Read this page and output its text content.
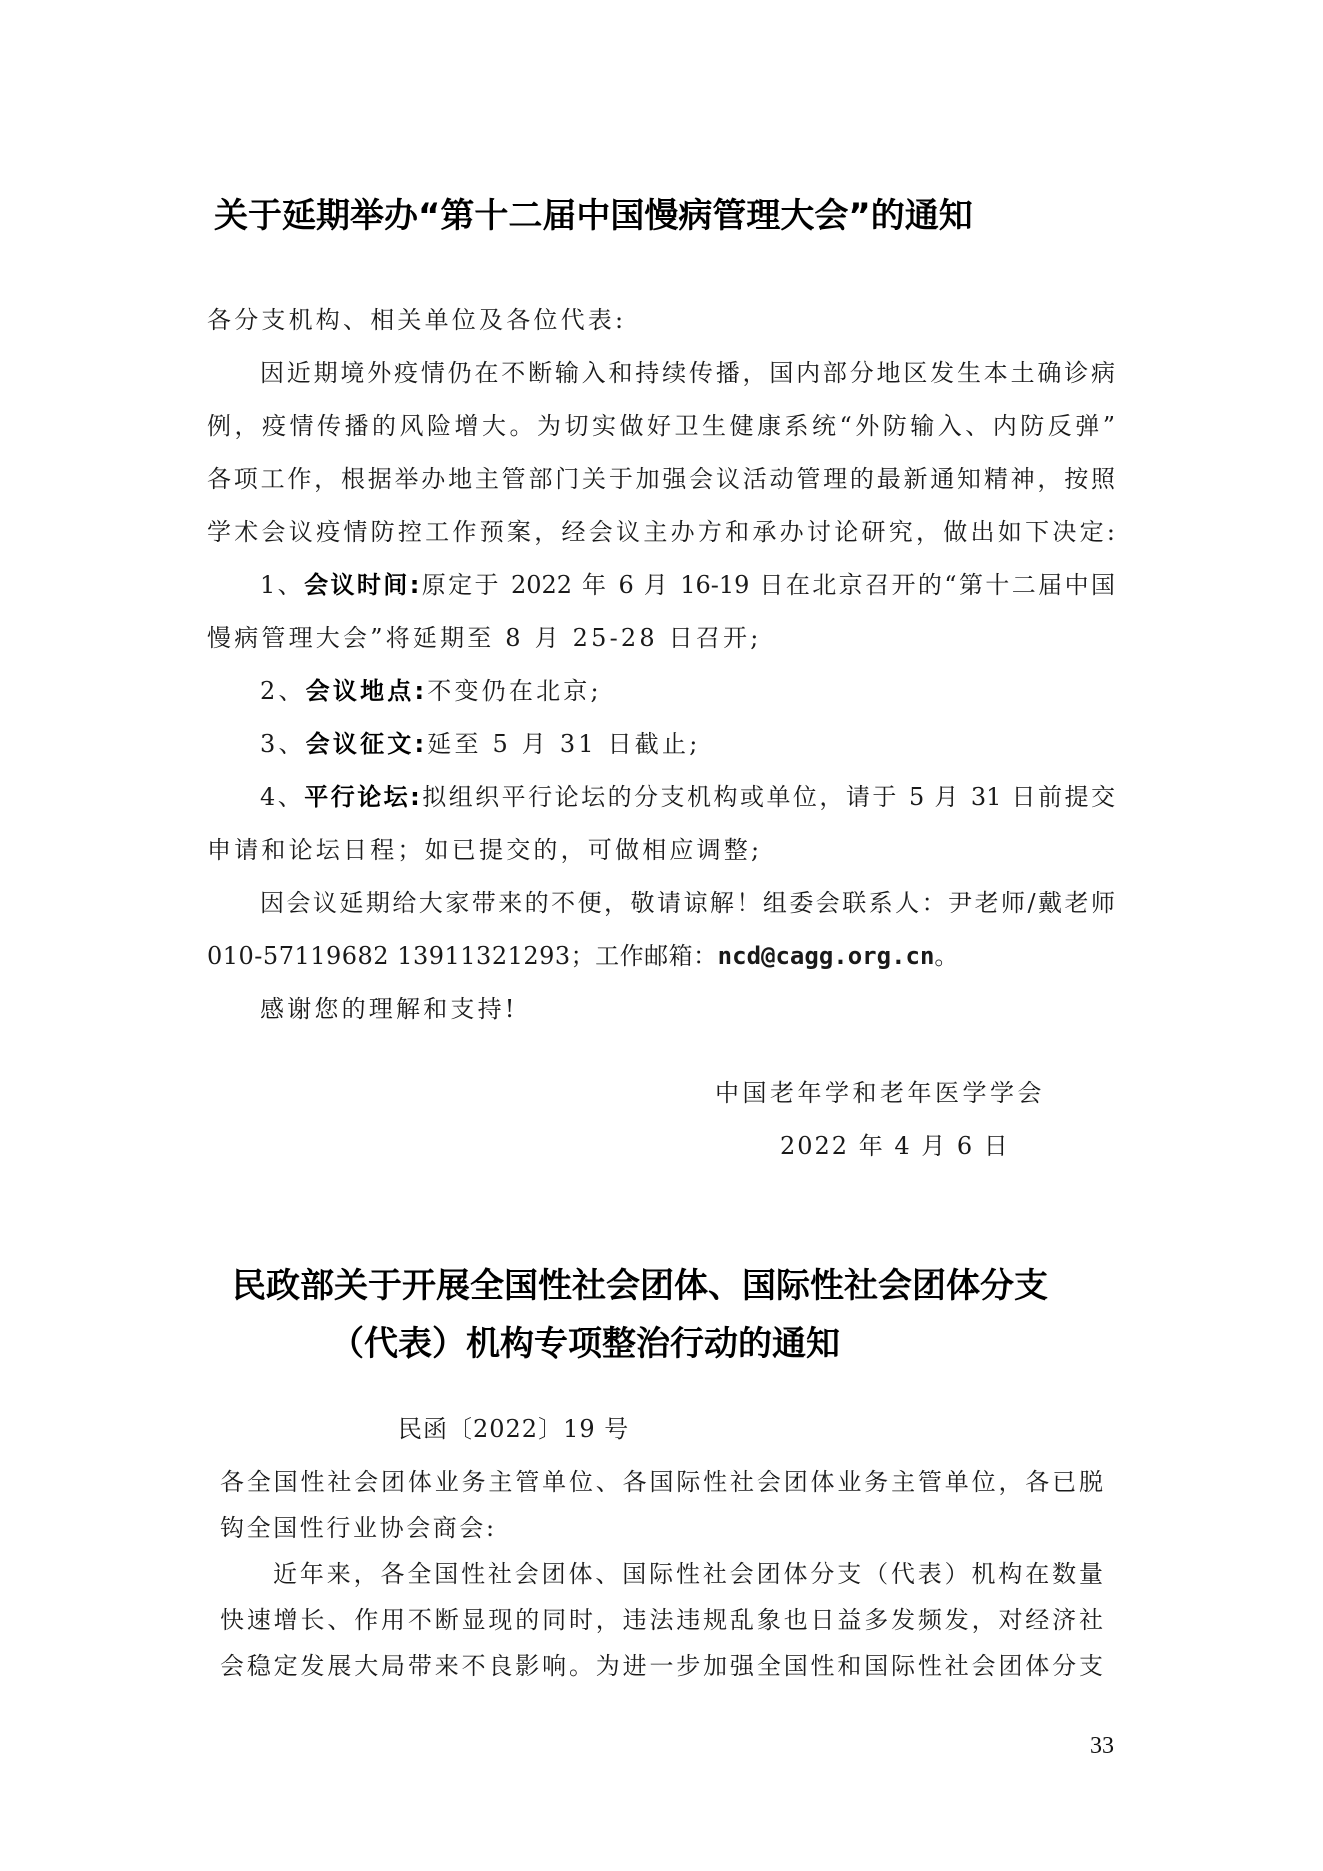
关于延期举办“第十二届中国慢病管理大会”的通知
各分支机构、相关单位及各位代表:
因近期境外疫情仍在不断输入和持续传播，国内部分地区发生本土确诊病
例，疫情传播的风险增大。为切实做好卫生健康系统“外防输入、内防反弹”
各项工作，根据举办地主管部门关于加强会议活动管理的最新通知精神，按照
学术会议疫情防控工作预案，经会议主办方和承办讨论研究，做出如下决定:
1、会议时间:原定于 2022 年 6 月 16-19 日在北京召开的“第十二届中国
慢病管理大会”将延期至 8 月 25-28 日召开;
2、会议地点:不变仍在北京;
3、会议征文:延至 5 月 31 日截止;
4、平行论坛:拟组织平行论坛的分支机构或单位，请于 5 月 31 日前提交
申请和论坛日程；如已提交的，可做相应调整;
因会议延期给大家带来的不便，敬请谅解！组委会联系人：尹老师/戴老师
010-57119682 13911321293；工作邮箱：ncd@cagg.org.cn。
感谢您的理解和支持!
中国老年学和老年医学学会
2022 年 4 月 6 日
民政部关于开展全国性社会团体、国际性社会团体分支
（代表）机构专项整治行动的通知
民函〔2022〕19 号
各全国性社会团体业务主管单位、各国际性社会团体业务主管单位，各已脱
钩全国性行业协会商会:
近年来，各全国性社会团体、国际性社会团体分支（代表）机构在数量
快速增长、作用不断显现的同时，违法违规乱象也日益多发频发，对经济社
会稳定发展大局带来不良影响。为进一步加强全国性和国际性社会团体分支
33
